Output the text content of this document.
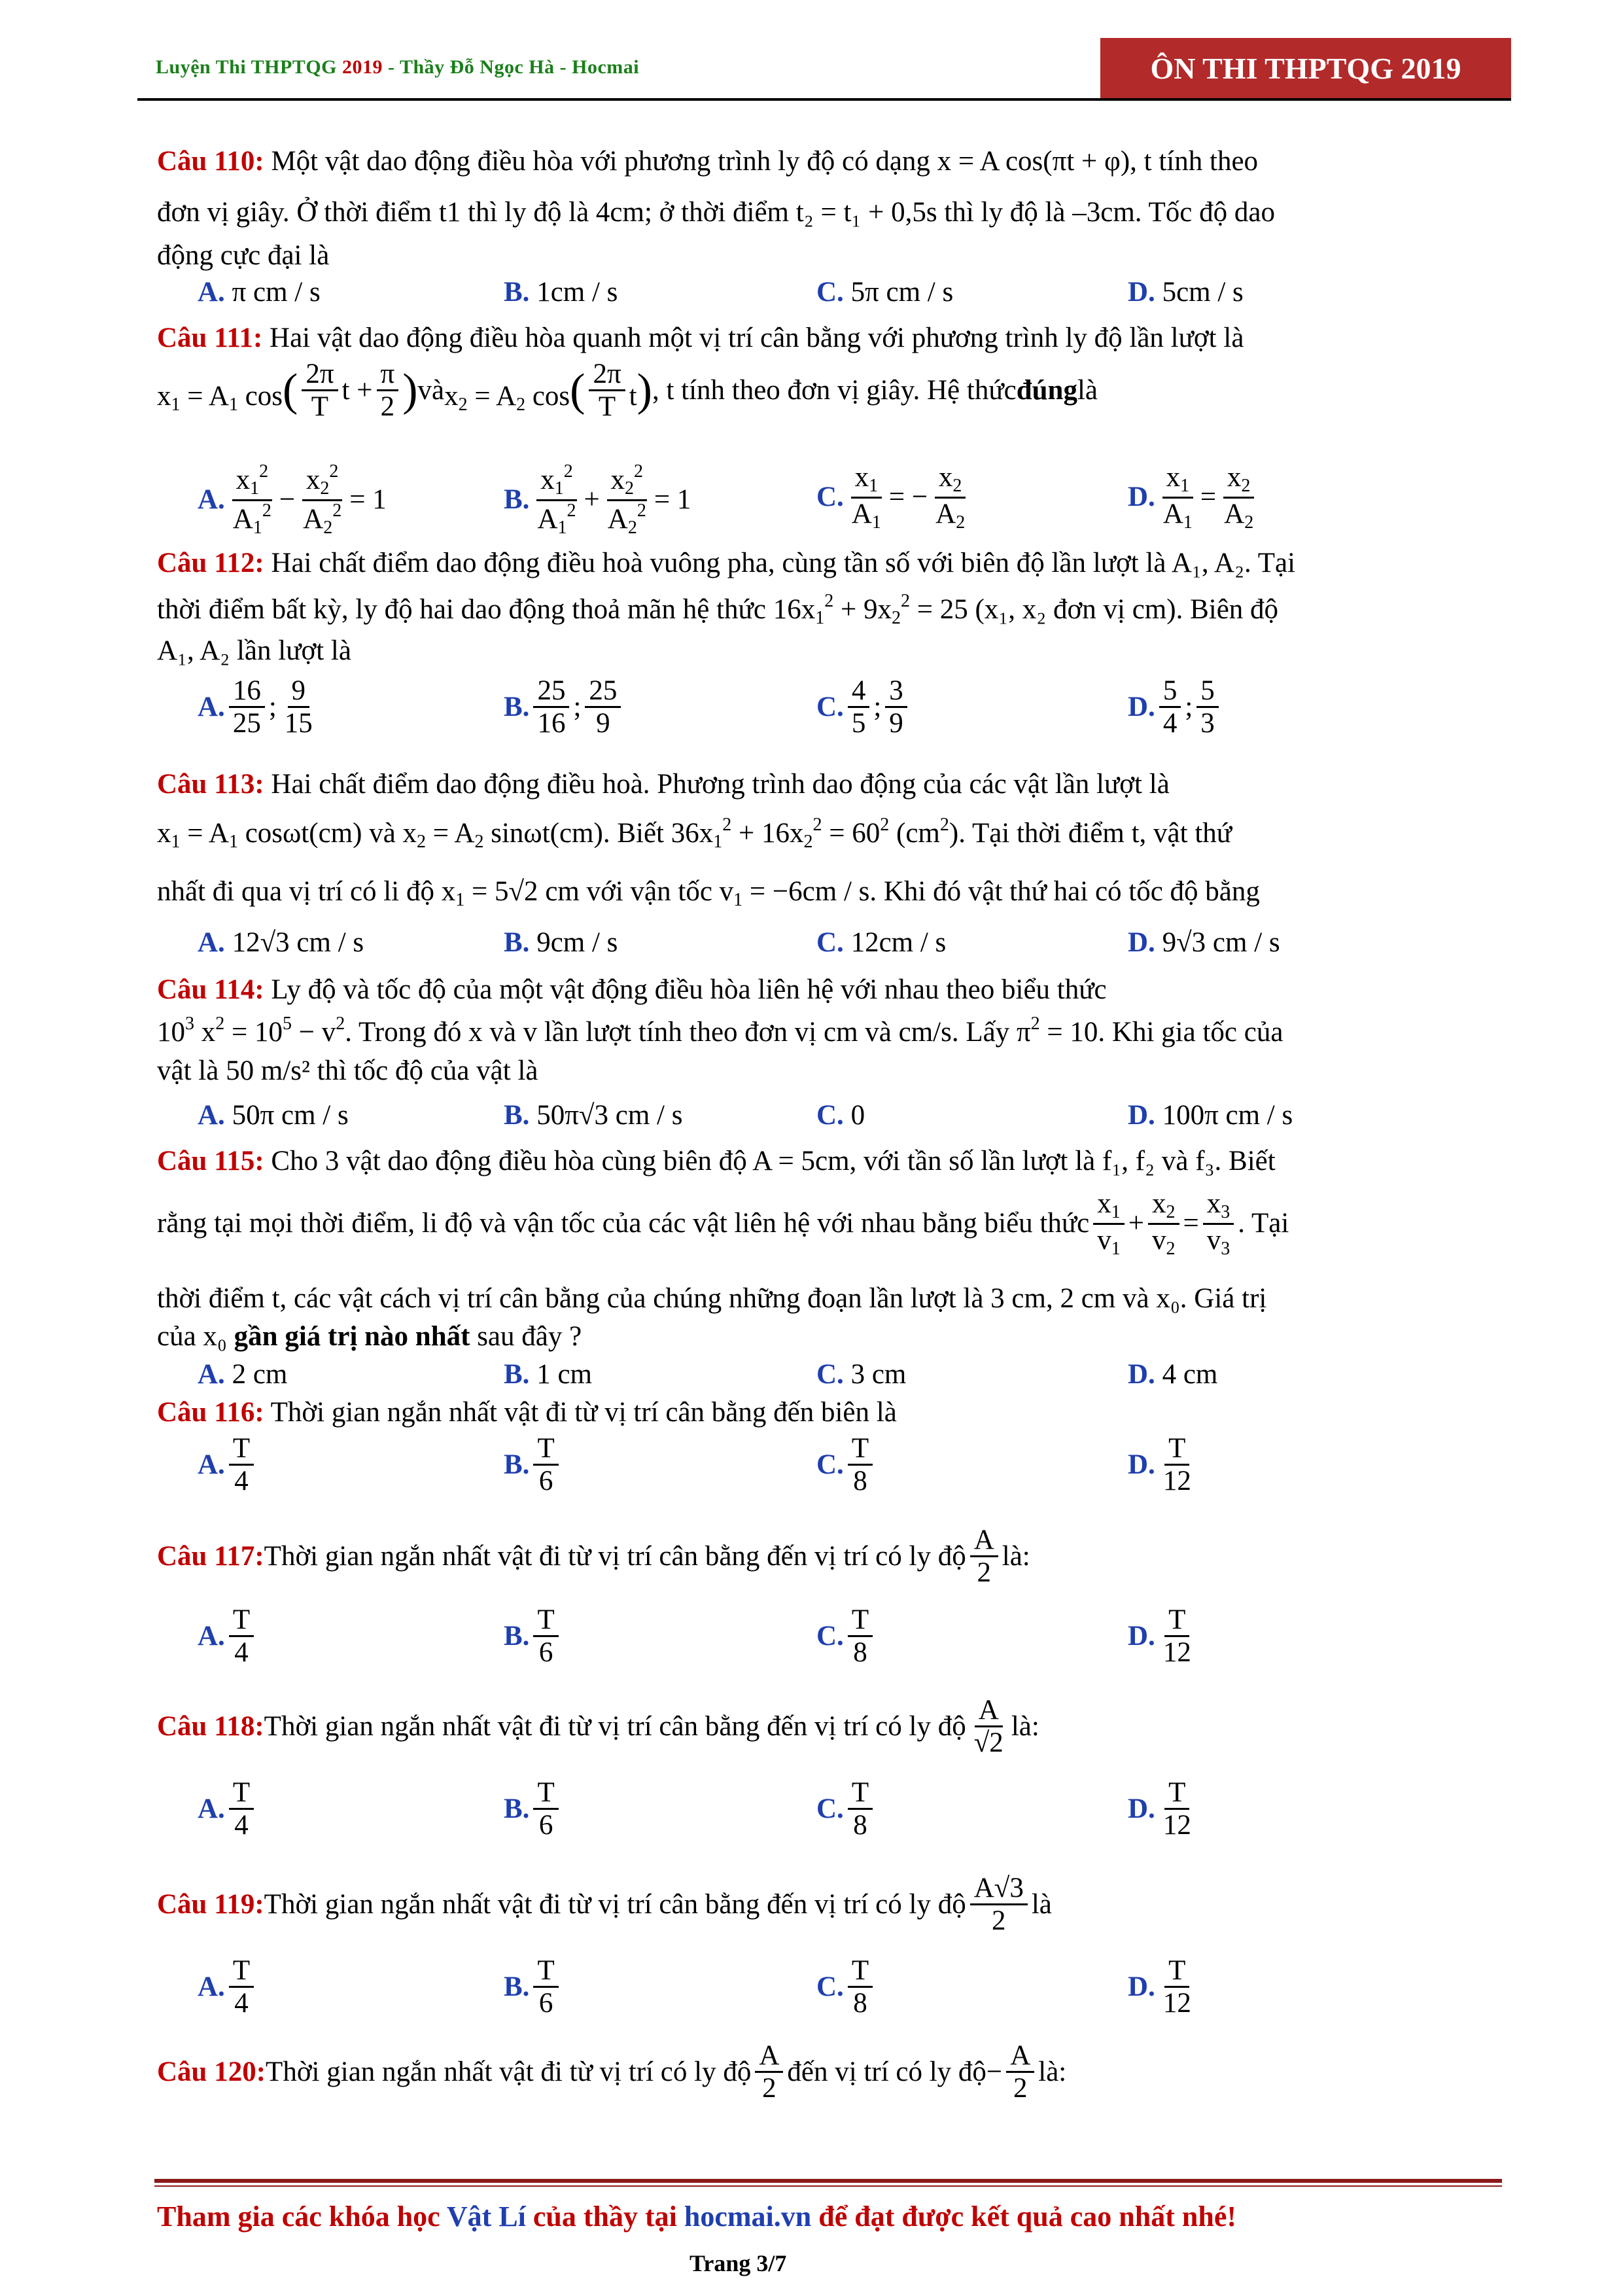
Luyện Thi THPTQG 2019 - Thầy Đỗ Ngọc Hà - Hocmai	ÔN THI THPTQG 2019
Câu 110: Một vật dao động điều hòa với phương trình ly độ có dạng x = A cos(πt + φ), t tính theo
đơn vị giây. Ở thời điểm t1 thì ly độ là 4cm; ở thời điểm t₂ = t₁ + 0,5s thì ly độ là –3cm. Tốc độ dao
động cực đại là
A. π cm / s	B. 1cm / s	C. 5π cm / s	D. 5cm / s
Câu 111: Hai vật dao động điều hòa quanh một vị trí cân bằng với phương trình ly độ lần lượt là
$x_1 = A_1$ $\cos( \frac{2\pi}{T}$ $t + \frac{\pi}{2}$ ) và $x_2 = A_2$ $\cos( \frac{2\pi}{T} t)$ , t tính theo đơn vị giây. Hệ thức đúng là
A. $\frac{x_1^2}{A_1^2} - \frac{x_2^2}{A_2^2} = 1$	B. $\frac{x_1^2}{A_1^2} + \frac{x_2^2}{A_2^2} = 1$	C. $\frac{x_1}{A_1}$ = − $\frac{x_2}{A_2}$	D. $\frac{x_1}{A_1} = \frac{x_2}{A_2}$
Câu 112: Hai chất điểm dao động điều hoà vuông pha, cùng tần số với biên độ lần lượt là A₁, A₂. Tại
thời điểm bất kỳ, ly độ hai dao động thoả mãn hệ thức $16x_1^2 + 9x_2^2 = 25$ (x₁, x₂ đơn vị cm). Biên độ
A₁, A₂ lần lượt là
A. $\frac{16}{25}$ ; $\frac{9}{15}$	B. $\frac{25}{16}$ ; $\frac{25}{9}$	C. $\frac{4}{5}$ ; $\frac{3}{9}$	D. $\frac{5}{4}$ ; $\frac{5}{3}$
Câu 113: Hai chất điểm dao động điều hoà. Phương trình dao động của các vật lần lượt là
$x_1 = A_1$ cosωt(cm) và $x_2 = A_2$ sinωt(cm). Biết $36x_1^2 + 16x_2^2 = 60^2$ $(cm^2)$. Tại thời điểm t, vật thứ
nhất đi qua vị trí có li độ $x_1 = 5√2$ cm với vận tốc $v_1 = -6cm / s$. Khi đó vật thứ hai có tốc độ bằng
A. 12√3 cm / s	B. 9cm / s	C. 12cm / s	D. 9√3 cm / s
Câu 114: Ly độ và tốc độ của một vật động điều hòa liên hệ với nhau theo biểu thức
$10^3$ $x^2 = 10^5 - v^2$. Trong đó x và v lần lượt tính theo đơn vị cm và cm/s. Lấy $\pi^2 = 10$. Khi gia tốc của
vật là 50 m/s² thì tốc độ của vật là
A. 50π cm / s	B. 50π√3 cm / s	C. 0	D. 100π cm / s
Câu 115: Cho 3 vật dao động điều hòa cùng biên độ A = 5cm, với tần số lần lượt là f₁, f₂ và f₃. Biết
rằng tại mọi thời điểm, li độ và vận tốc của các vật liên hệ với nhau bằng biểu thức $\frac{x_1}{v_1} + \frac{x_2}{v_2} = \frac{x_3}{v_3}$ . Tại
thời điểm t, các vật cách vị trí cân bằng của chúng những đoạn lần lượt là 3 cm, 2 cm và x₀. Giá trị
của x₀ gần giá trị nào nhất sau đây ?
A. 2 cm	B. 1 cm	C. 3 cm	D. 4 cm
Câu 116: Thời gian ngắn nhất vật đi từ vị trí cân bằng đến biên là
A. $\frac{T}{4}$	B. $\frac{T}{6}$	C. $\frac{T}{8}$	D. $\frac{T}{12}$
Câu 117: Thời gian ngắn nhất vật đi từ vị trí cân bằng đến vị trí có ly độ $\frac{A}{2}$ là:
A. $\frac{T}{4}$	B. $\frac{T}{6}$	C. $\frac{T}{8}$	D. $\frac{T}{12}$
Câu 118: Thời gian ngắn nhất vật đi từ vị trí cân bằng đến vị trí có ly độ $\frac{A}{√2}$ là:
A. $\frac{T}{4}$	B. $\frac{T}{6}$	C. $\frac{T}{8}$	D. $\frac{T}{12}$
Câu 119: Thời gian ngắn nhất vật đi từ vị trí cân bằng đến vị trí có ly độ $\frac{A√3}{2}$ là
A. $\frac{T}{4}$	B. $\frac{T}{6}$	C. $\frac{T}{8}$	D. $\frac{T}{12}$
Câu 120: Thời gian ngắn nhất vật đi từ vị trí có ly độ $\frac{A}{2}$ đến vị trí có ly độ − $\frac{A}{2}$ là:
Tham gia các khóa học Vật Lí của thầy tại hocmai.vn để đạt được kết quả cao nhất nhé!
Trang 3/7
